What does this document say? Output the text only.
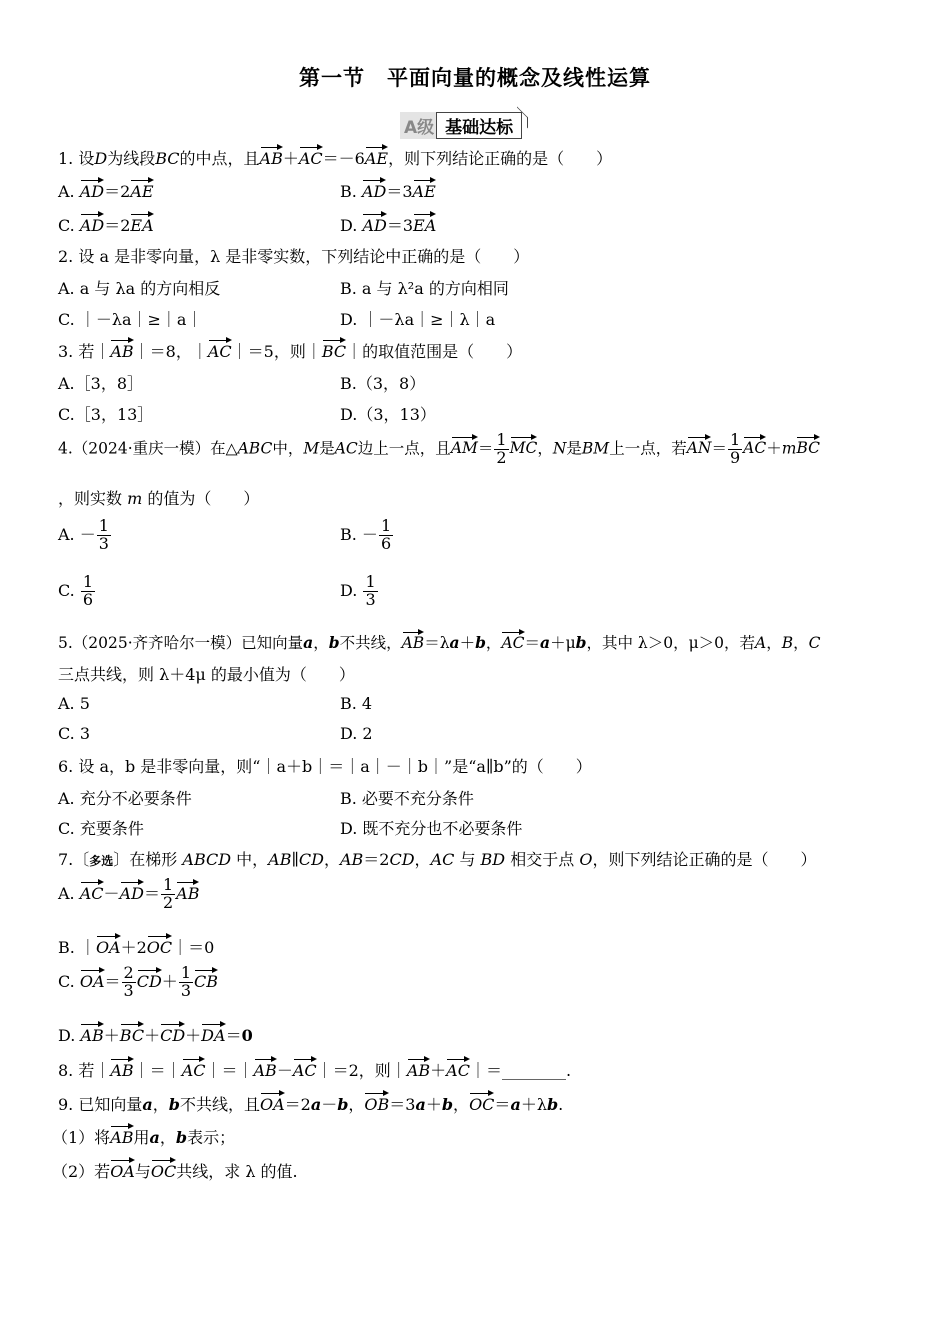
第一节　平面向量的概念及线性运算
A级 基础达标
1. 设D为线段BC的中点，且AB＋AC＝－6AE，则下列结论正确的是（　　）
A. AD＝2AE	B. AD＝3AE
C. AD＝2EA	D. AD＝3EA
2. 设 a 是非零向量，λ 是非零实数，下列结论中正确的是（　　）
A. a 与 λa 的方向相反	B. a 与 λ²a 的方向相同
C. ｜－λa｜≥｜a｜	D. ｜－λa｜≥｜λ｜a
3. 若｜AB｜＝8，｜AC｜＝5，则｜BC｜的取值范围是（　　）
A.［3，8］	B.（3，8）
C.［3，13］	D.（3，13）
4.（2024·重庆一模）在△ABC中，M是AC边上一点，且$AM= \frac{1}{2}$ MC，N是BM上一点，若$AN= \frac{1}{9} AC+mBC$
，则实数 m 的值为（　　）
A. － $\frac{1}{3}$	B. － $\frac{1}{6}$
C. $\frac{1}{6}$	D. $\frac{1}{3}$
5.（2025·齐齐哈尔一模）已知向量a，b不共线，AB＝λa＋b，AC＝a＋μb，其中 λ＞0，μ＞0，若A，B，C
三点共线，则 λ＋4μ 的最小值为（　　）
A. 5	B. 4
C. 3	D. 2
6. 设 a，b 是非零向量，则“｜a＋b｜＝｜a｜－｜b｜”是“a∥b”的（　　）
A. 充分不必要条件	B. 必要不充分条件
C. 充要条件	D. 既不充分也不必要条件
7.〔多选〕在梯形 ABCD 中，AB∥CD，AB＝2CD，AC 与 BD 相交于点 O，则下列结论正确的是（　　）
A. $AC-AD= \frac{1}{2}$ AB
B. ｜OA＋2OC｜＝0
C. $OA= \frac{2}{3} CD+ \frac{1}{3}$ CB
D. AB＋BC＋CD＋DA＝0
8. 若｜AB｜＝｜AC｜＝｜AB－AC｜＝2，则｜AB＋AC｜＝________.
9. 已知向量a，b不共线，且OA＝2a－b，OB＝3a＋b，OC＝a＋λb.
（1）将AB用a，b表示；
（2）若OA与OC共线，求 λ 的值.
